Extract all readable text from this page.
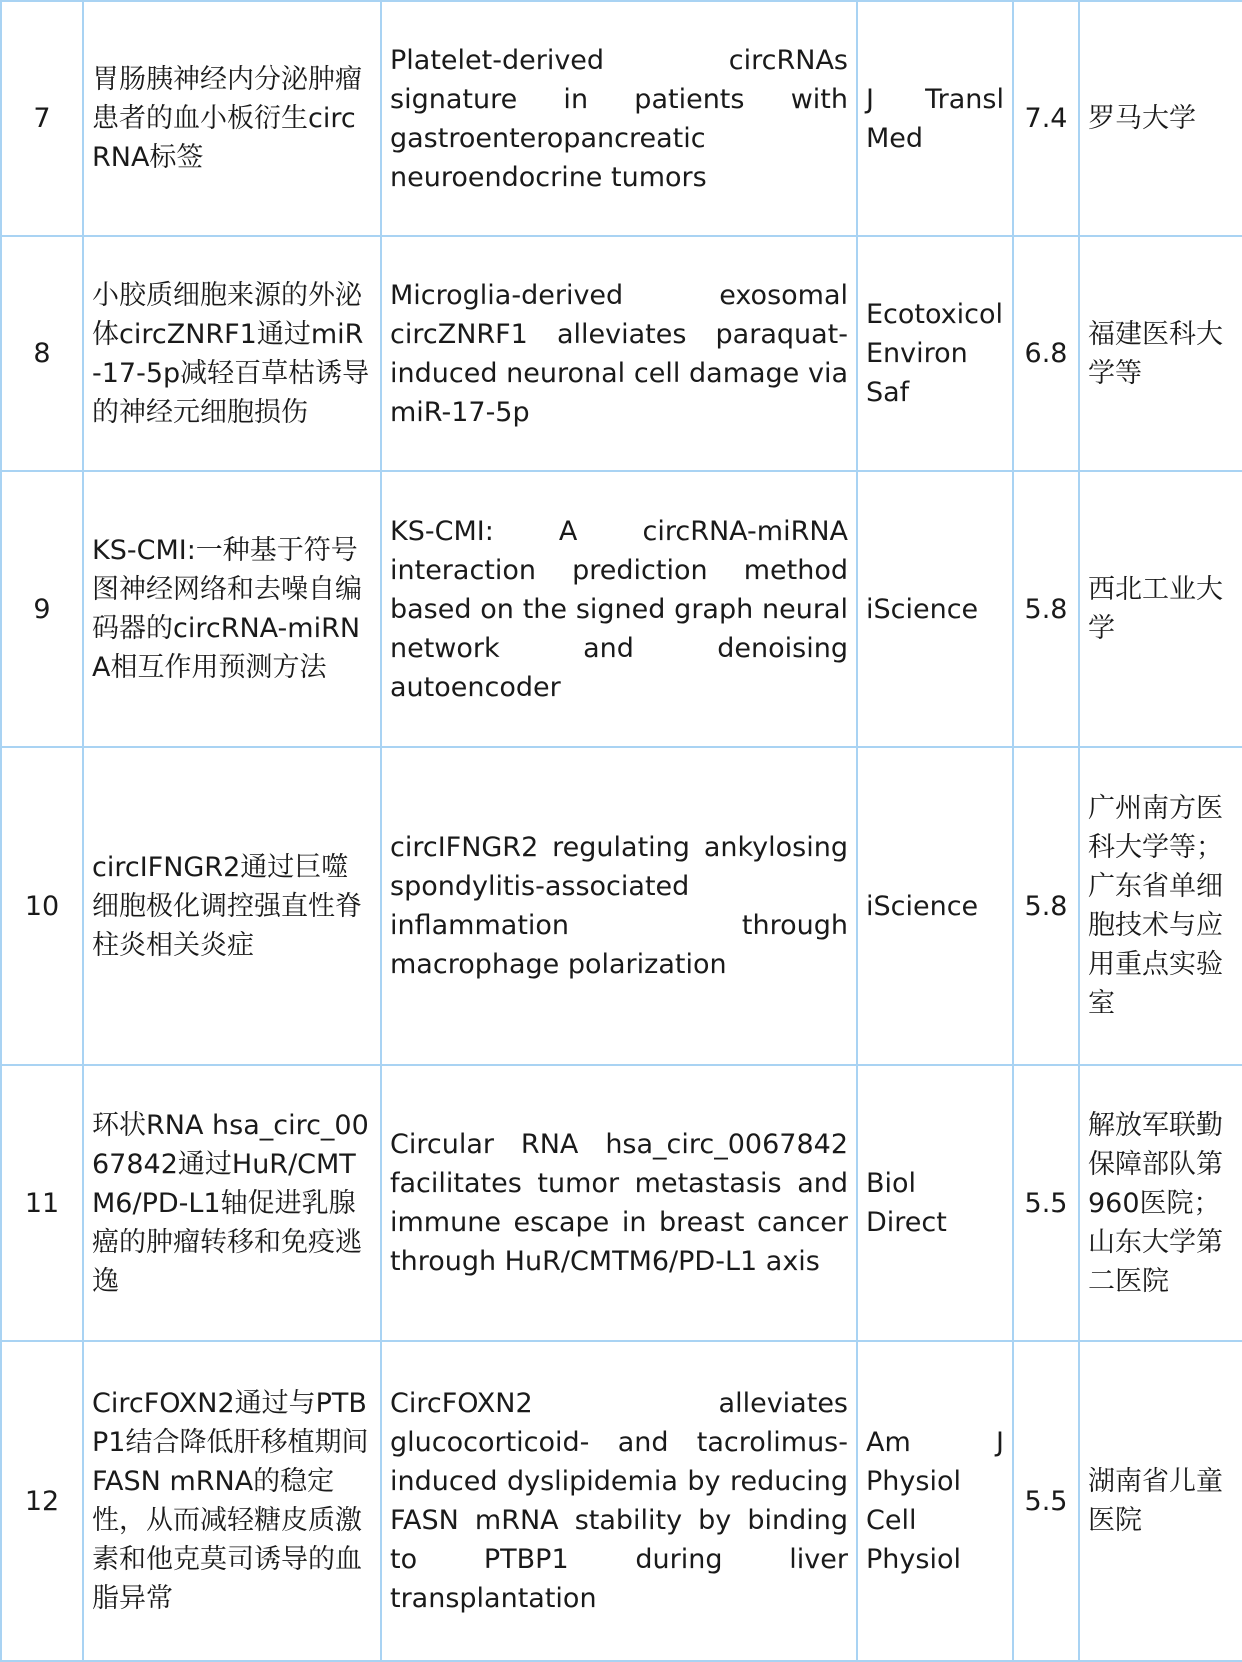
7	胃肠胰神经内分泌肿瘤患者的血小板衍生circRNA标签	Platelet-derived circRNAs signature in patients with gastroenteropancreatic neuroendocrine tumors	J Transl Med	7.4	罗马大学
8	小胶质细胞来源的外泌体circZNRF1通过miR-17-5p减轻百草枯诱导的神经元细胞损伤	Microglia-derived exosomal circZNRF1 alleviates paraquat-induced neuronal cell damage via miR-17-5p	Ecotoxicol Environ Saf	6.8	福建医科大学等
9	KS-CMI:一种基于符号图神经网络和去噪自编码器的circRNA-miRNA相互作用预测方法	KS-CMI: A circRNA-miRNA interaction prediction method based on the signed graph neural network and denoising autoencoder	iScience	5.8	西北工业大学
10	circIFNGR2通过巨噬细胞极化调控强直性脊柱炎相关炎症	circIFNGR2 regulating ankylosing spondylitis-associated inflammation through macrophage polarization	iScience	5.8	广州南方医科大学等；广东省单细胞技术与应用重点实验室
11	环状RNA hsa_circ_0067842通过HuR/CMTM6/PD-L1轴促进乳腺癌的肿瘤转移和免疫逃逸	Circular RNA hsa_circ_0067842 facilitates tumor metastasis and immune escape in breast cancer through HuR/CMTM6/PD-L1 axis	Biol Direct	5.5	解放军联勤保障部队第960医院；山东大学第二医院
12	CircFOXN2通过与PTBP1结合降低肝移植期间FASN mRNA的稳定性，从而减轻糖皮质激素和他克莫司诱导的血脂异常	CircFOXN2 alleviates glucocorticoid- and tacrolimus-induced dyslipidemia by reducing FASN mRNA stability by binding to PTBP1 during liver transplantation	Am J Physiol Cell Physiol	5.5	湖南省儿童医院
